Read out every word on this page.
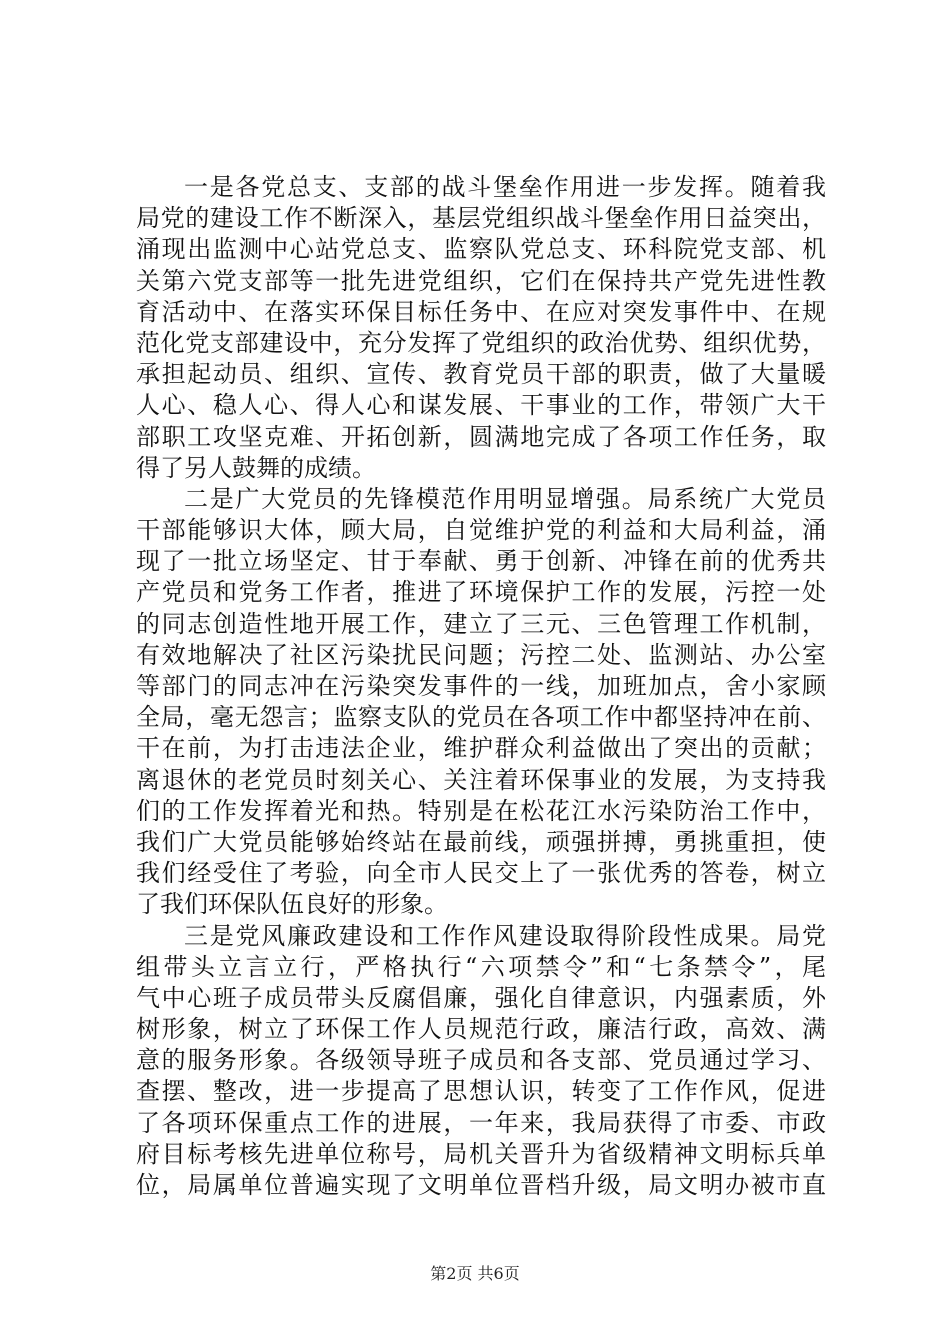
一是各党总支、支部的战斗堡垒作用进一步发挥。随着我
局党的建设工作不断深入，基层党组织战斗堡垒作用日益突出，
涌现出监测中心站党总支、监察队党总支、环科院党支部、机
关第六党支部等一批先进党组织，它们在保持共产党先进性教
育活动中、在落实环保目标任务中、在应对突发事件中、在规
范化党支部建设中，充分发挥了党组织的政治优势、组织优势，
承担起动员、组织、宣传、教育党员干部的职责，做了大量暖
人心、稳人心、得人心和谋发展、干事业的工作，带领广大干
部职工攻坚克难、开拓创新，圆满地完成了各项工作任务，取
得了另人鼓舞的成绩。
二是广大党员的先锋模范作用明显增强。局系统广大党员
干部能够识大体，顾大局，自觉维护党的利益和大局利益，涌
现了一批立场坚定、甘于奉献、勇于创新、冲锋在前的优秀共
产党员和党务工作者，推进了环境保护工作的发展，污控一处
的同志创造性地开展工作，建立了三元、三色管理工作机制，
有效地解决了社区污染扰民问题；污控二处、监测站、办公室
等部门的同志冲在污染突发事件的一线，加班加点，舍小家顾
全局，毫无怨言；监察支队的党员在各项工作中都坚持冲在前、
干在前，为打击违法企业，维护群众利益做出了突出的贡献；
离退休的老党员时刻关心、关注着环保事业的发展，为支持我
们的工作发挥着光和热。特别是在松花江水污染防治工作中，
我们广大党员能够始终站在最前线，顽强拼搏，勇挑重担，使
我们经受住了考验，向全市人民交上了一张优秀的答卷，树立
了我们环保队伍良好的形象。
三是党风廉政建设和工作作风建设取得阶段性成果。局党
组带头立言立行，严格执行“六项禁令”和“七条禁令”，尾
气中心班子成员带头反腐倡廉，强化自律意识，内强素质，外
树形象，树立了环保工作人员规范行政，廉洁行政，高效、满
意的服务形象。各级领导班子成员和各支部、党员通过学习、
查摆、整改，进一步提高了思想认识，转变了工作作风，促进
了各项环保重点工作的进展，一年来，我局获得了市委、市政
府目标考核先进单位称号，局机关晋升为省级精神文明标兵单
位，局属单位普遍实现了文明单位晋档升级，局文明办被市直
第2页 共6页
